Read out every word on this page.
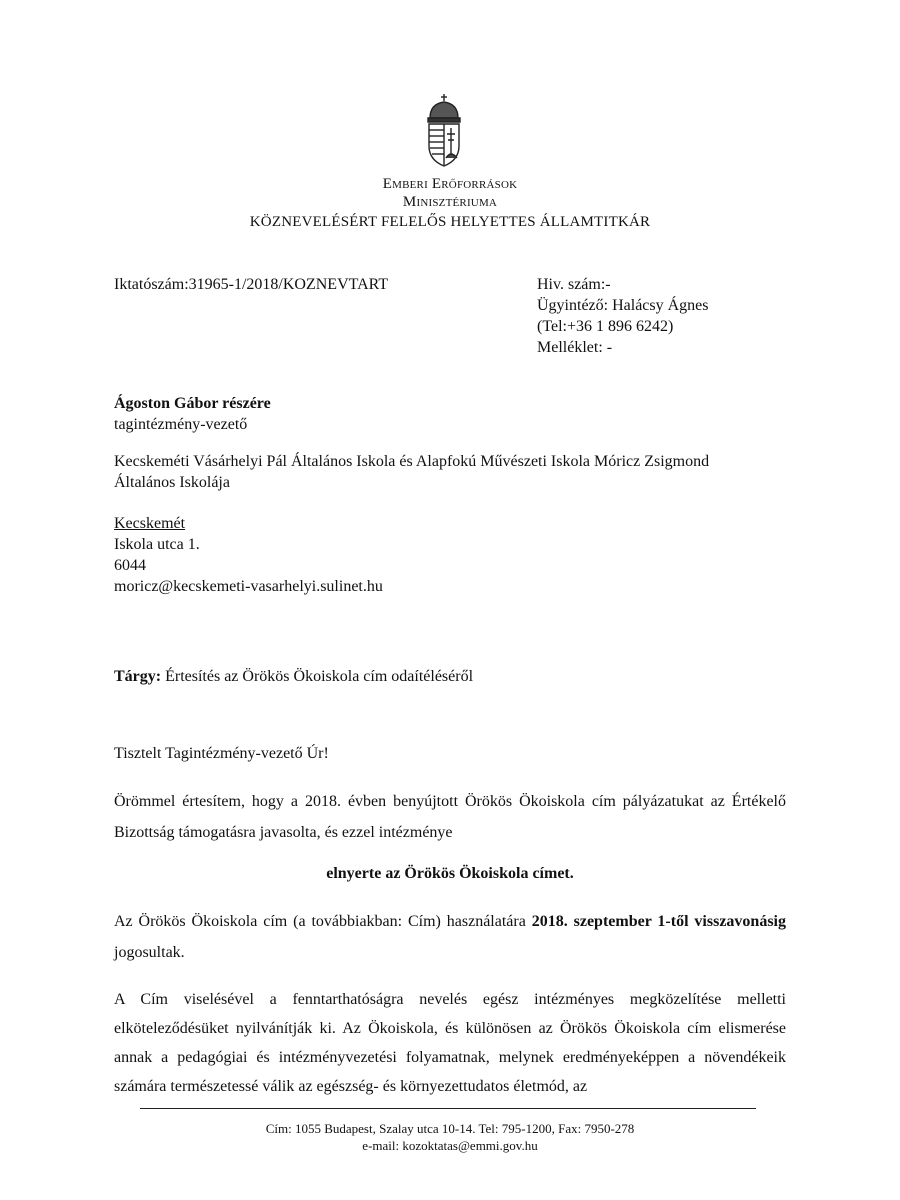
Emberi Erőforrások
Minisztériuma
KÖZNEVELÉSÉRT FELELŐS HELYETTES ÁLLAMTITKÁR
Iktatószám:31965-1/2018/KOZNEVTART	Hiv. szám:-
Ügyintéző: Halácsy Ágnes
(Tel:+36 1 896 6242)
Melléklet: -
Ágoston Gábor részére
tagintézmény-vezető
Kecskeméti Vásárhelyi Pál Általános Iskola és Alapfokú Művészeti Iskola Móricz Zsigmond
Általános Iskolája
Kecskemét
Iskola utca 1.
6044
moricz@kecskemeti-vasarhelyi.sulinet.hu
Tárgy: Értesítés az Örökös Ökoiskola cím odaítéléséről
Tisztelt Tagintézmény-vezető Úr!
Örömmel értesítem, hogy a 2018. évben benyújtott Örökös Ökoiskola cím pályázatukat az Értékelő Bizottság támogatásra javasolta, és ezzel intézménye
elnyerte az Örökös Ökoiskola címet.
Az Örökös Ökoiskola cím (a továbbiakban: Cím) használatára 2018. szeptember 1-től visszavonásig jogosultak.
A Cím viselésével a fenntarthatóságra nevelés egész intézményes megközelítése melletti elköteleződésüket nyilvánítják ki. Az Ökoiskola, és különösen az Örökös Ökoiskola cím elismerése annak a pedagógiai és intézményvezetési folyamatnak, melynek eredményeképpen a növendékeik számára természetessé válik az egészség- és környezettudatos életmód, az
Cím: 1055 Budapest, Szalay utca 10-14. Tel: 795-1200, Fax: 7950-278
e-mail: kozoktatas@emmi.gov.hu
